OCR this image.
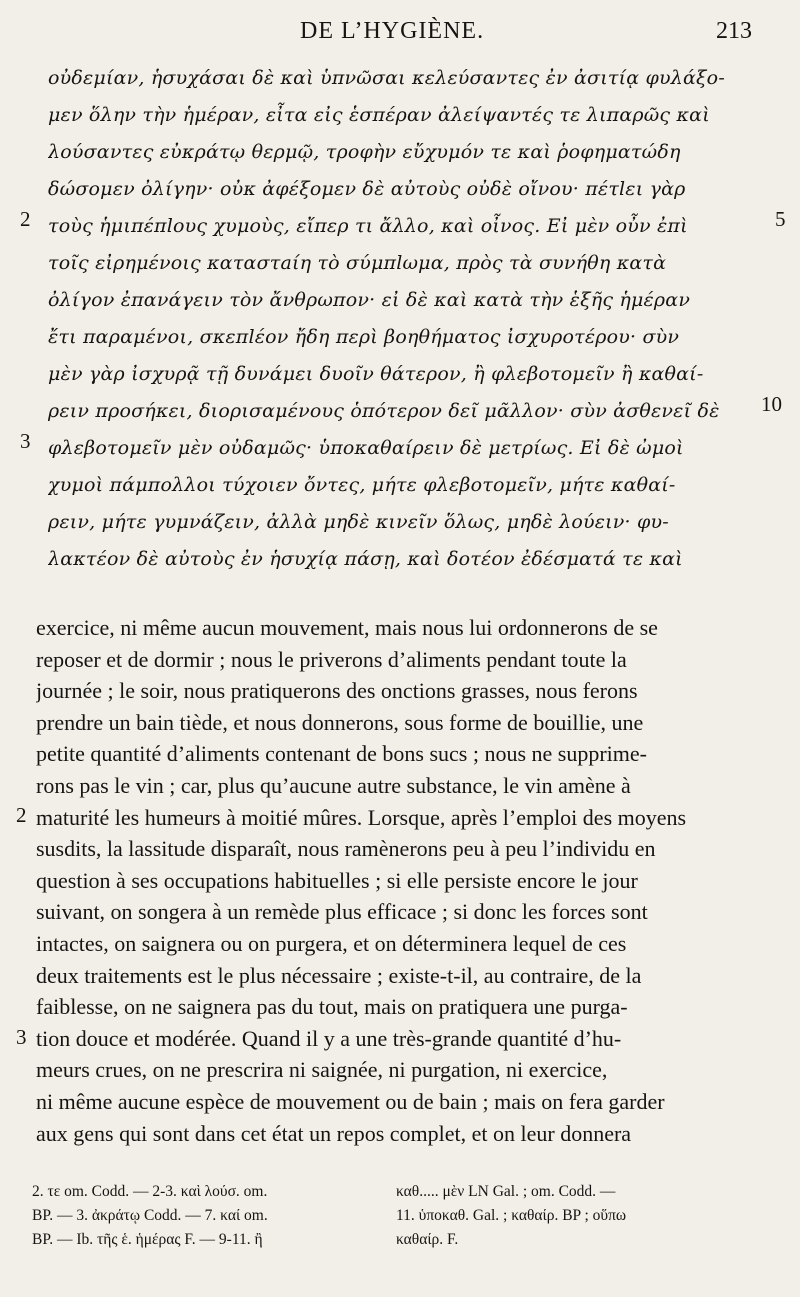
DE L’HYGIÈNE.	213
οὐδεμίαν, ἡσυχάσαι δὲ καὶ ὑπνῶσαι κελεύσαντες ἐν ἀσιτίᾳ φυλάξο-
μεν ὅλην τὴν ἡμέραν, εἶτα εἰς ἑσπέραν ἀλείψαντές τε λιπαρῶς καὶ
λούσαντες εὐκράτῳ θερμῷ, τροφὴν εὔχυμόν τε καὶ ῥοφηματώδη
δώσομεν ὀλίγην· οὐκ ἀφέξομεν δὲ αὐτοὺς οὐδὲ οἴνου· πέτlει γὰρ
τοὺς ἡμιπέπlους χυμοὺς, εἴπερ τι ἄλλο, καὶ οἶνος. Εἰ μὲν οὖν ἐπὶ
τοῖς εἰρημένοις καταστaίη τὸ σύμπlωμα, πρὸς τὰ συνήθη κατὰ
ὀλίγον ἐπανάγειν τὸν ἄνθρωπον· εἰ δὲ καὶ κατὰ τὴν ἑξῆς ἡμέραν
ἔτι παραμένοι, σκεπlέον ἤδη περὶ βοηθήματος ἰσχυροτέρου· σὺν
μὲν γὰρ ἰσχυρᾷ τῇ δυνάμει δυοῖν θάτερον, ἢ φλεβοτομεῖν ἢ καθαί-
ρειν προσήκει, διορισαμένους ὁπότερον δεῖ μᾶλλον· σὺν ἀσθενεῖ δὲ
φλεβοτομεῖν μὲν οὐδαμῶς· ὑποκαθαίρειν δὲ μετρίως. Εἰ δὲ ὠμοὶ
χυμοὶ πάμπολλοι τύχοιεν ὄντες, μήτε φλεβοτομεῖν, μήτε καθαί-
ρειν, μήτε γυμνάζειν, ἀλλὰ μηδὲ κινεῖν ὅλως, μηδὲ λούειν· φυ-
λακτέον δὲ αὐτοὺς ἐν ἡσυχίᾳ πάσῃ, καὶ δοτέον ἐδέσματά τε καὶ
2
3
5
10
exercice, ni même aucun mouvement, mais nous lui ordonnerons de se
reposer et de dormir ; nous le priverons d’aliments pendant toute la
journée ; le soir, nous pratiquerons des onctions grasses, nous ferons
prendre un bain tiède, et nous donnerons, sous forme de bouillie, une
petite quantité d’aliments contenant de bons sucs ; nous ne supprime-
rons pas le vin ; car, plus qu’aucune autre substance, le vin amène à
maturité les humeurs à moitié mûres. Lorsque, après l’emploi des moyens
susdits, la lassitude disparaît, nous ramènerons peu à peu l’individu en
question à ses occupations habituelles ; si elle persiste encore le jour
suivant, on songera à un remède plus efficace ; si donc les forces sont
intactes, on saignera ou on purgera, et on déterminera lequel de ces
deux traitements est le plus nécessaire ; existe-t-il, au contraire, de la
faiblesse, on ne saignera pas du tout, mais on pratiquera une purga-
tion douce et modérée. Quand il y a une très-grande quantité d’hu-
meurs crues, on ne prescrira ni saignée, ni purgation, ni exercice,
ni même aucune espèce de mouvement ou de bain ; mais on fera garder
aux gens qui sont dans cet état un repos complet, et on leur donnera
2
3
2. τε om. Codd. — 2-3. καὶ λούσ. om.	καθ..... μὲν LN Gal. ; om. Codd. —
BP. — 3. ἀκράτῳ Codd. — 7. καί om.	11. ὑποκαθ. Gal. ; καθαίρ. BP ; οὕπω
BP. — Ib. τῆς ἑ. ἡμέρας F. — 9-11. ἢ	καθαίρ. F.
